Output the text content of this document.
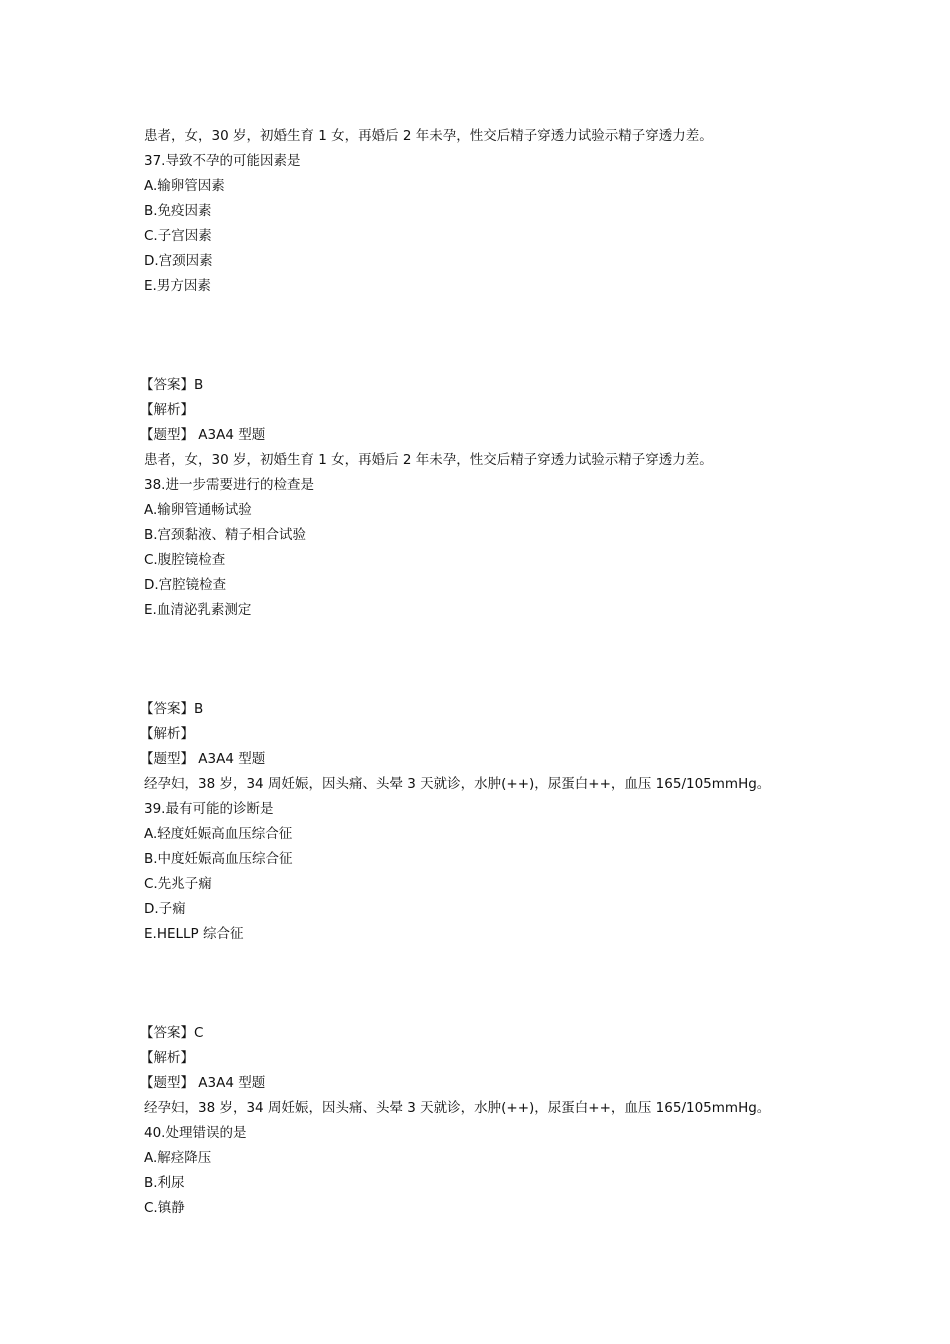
患者，女，30 岁，初婚生育 1 女，再婚后 2 年未孕，性交后精子穿透力试验示精子穿透力差。
37.导致不孕的可能因素是
A.输卵管因素
B.免疫因素
C.子宫因素
D.宫颈因素
E.男方因素
【答案】B
【解析】
【题型】 A3A4 型题
患者，女，30 岁，初婚生育 1 女，再婚后 2 年未孕，性交后精子穿透力试验示精子穿透力差。
38.进一步需要进行的检查是
A.输卵管通畅试验
B.宫颈黏液、精子相合试验
C.腹腔镜检查
D.宫腔镜检查
E.血清泌乳素测定
【答案】B
【解析】
【题型】 A3A4 型题
经孕妇，38 岁，34 周妊娠，因头痛、头晕 3 天就诊，水肿(++)，尿蛋白++，血压 165/105mmHg。
39.最有可能的诊断是
A.轻度妊娠高血压综合征
B.中度妊娠高血压综合征
C.先兆子痫
D.子痫
E.HELLP 综合征
【答案】C
【解析】
【题型】 A3A4 型题
经孕妇，38 岁，34 周妊娠，因头痛、头晕 3 天就诊，水肿(++)，尿蛋白++，血压 165/105mmHg。
40.处理错误的是
A.解痉降压
B.利尿
C.镇静
